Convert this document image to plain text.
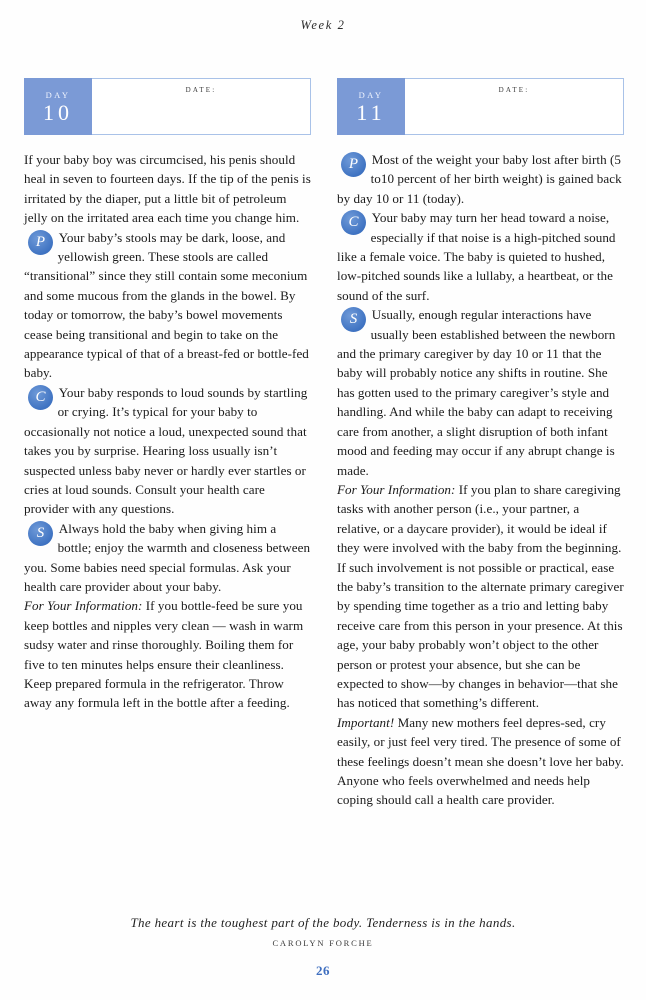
Week 2
DAY
10
DATE:

If your baby boy was circumcised, his penis should heal in seven to fourteen days. If the tip of the penis is irritated by the diaper, put a little bit of petroleum jelly on the irritated area each time you change him.

P	Your baby’s stools may be dark, loose, and yellowish green. These stools are called “transitional” since they still contain some meconium and some mucous from the glands in the bowel. By today or tomorrow, the baby’s bowel movements cease being transitional and begin to take on the appearance typical of that of a breast-fed or bottle-fed baby.

C	Your baby responds to loud sounds by startling or crying. It’s typical for your baby to occasionally not notice a loud, unexpected sound that takes you by surprise. Hearing loss usually isn’t suspected unless baby never or hardly ever startles or cries at loud sounds. Consult your health care provider with any questions.

S	Always hold the baby when giving him a bottle; enjoy the warmth and closeness between you. Some babies need special formulas. Ask your health care provider about your baby.

For Your Information: If you bottle-feed be sure you keep bottles and nipples very clean — wash in warm sudsy water and rinse thoroughly. Boiling them for five to ten minutes helps ensure their cleanliness. Keep prepared formula in the refrigerator. Throw away any formula left in the bottle after a feeding.

DAY
11
DATE:

P	Most of the weight your baby lost after birth (5 to10 percent of her birth weight) is gained back by day 10 or 11 (today).

C	Your baby may turn her head toward a noise, especially if that noise is a high-pitched sound like a female voice. The baby is quieted to hushed, low-pitched sounds like a lullaby, a heartbeat, or the sound of the surf.

S	Usually, enough regular interactions have usually been established between the newborn and the primary caregiver by day 10 or 11 that the baby will probably notice any shifts in routine. She has gotten used to the primary caregiver’s style and handling. And while the baby can adapt to receiving care from another, a slight disruption of both infant mood and feeding may occur if any abrupt change is made.

For Your Information: If you plan to share caregiving tasks with another person (i.e., your partner, a relative, or a daycare provider), it would be ideal if they were involved with the baby from the beginning. If such involvement is not possible or practical, ease the baby’s transition to the alternate primary caregiver by spending time together as a trio and letting baby receive care from this person in your presence. At this age, your baby probably won’t object to the other person or protest your absence, but she can be expected to show—by changes in behavior—that she has noticed that something’s different.

Important! Many new mothers feel depres-sed, cry easily, or just feel very tired. The presence of some of these feelings doesn’t mean she doesn’t love her baby. Anyone who feels overwhelmed and needs help coping should call a health care provider.

The heart is the toughest part of the body. Tenderness is in the hands.
CAROLYN FORCHE
26
